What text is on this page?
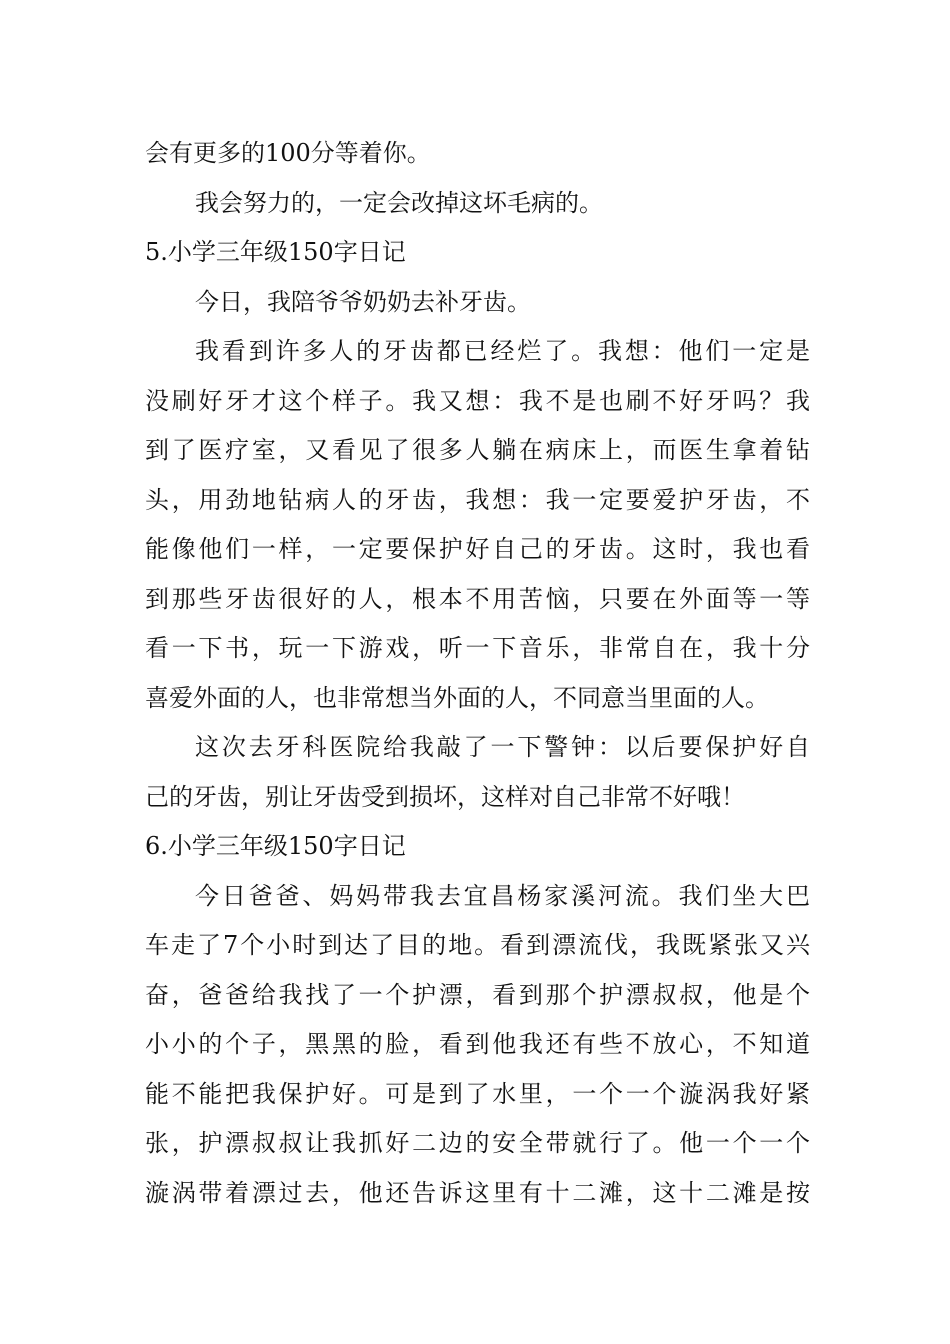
会有更多的100分等着你。
我会努力的，一定会改掉这坏毛病的。
5.小学三年级150字日记
今日，我陪爷爷奶奶去补牙齿。
我看到许多人的牙齿都已经烂了。我想：他们一定是
没刷好牙才这个样子。我又想：我不是也刷不好牙吗？我
到了医疗室，又看见了很多人躺在病床上，而医生拿着钻
头，用劲地钻病人的牙齿，我想：我一定要爱护牙齿，不
能像他们一样，一定要保护好自己的牙齿。这时，我也看
到那些牙齿很好的人，根本不用苦恼，只要在外面等一等
看一下书，玩一下游戏，听一下音乐，非常自在，我十分
喜爱外面的人，也非常想当外面的人，不同意当里面的人。
这次去牙科医院给我敲了一下警钟：以后要保护好自
己的牙齿，别让牙齿受到损坏，这样对自己非常不好哦！
6.小学三年级150字日记
今日爸爸、妈妈带我去宜昌杨家溪河流。我们坐大巴
车走了7个小时到达了目的地。看到漂流伐，我既紧张又兴
奋，爸爸给我找了一个护漂，看到那个护漂叔叔，他是个
小小的个子，黑黑的脸，看到他我还有些不放心，不知道
能不能把我保护好。可是到了水里，一个一个漩涡我好紧
张，护漂叔叔让我抓好二边的安全带就行了。他一个一个
漩涡带着漂过去，他还告诉这里有十二滩，这十二滩是按
